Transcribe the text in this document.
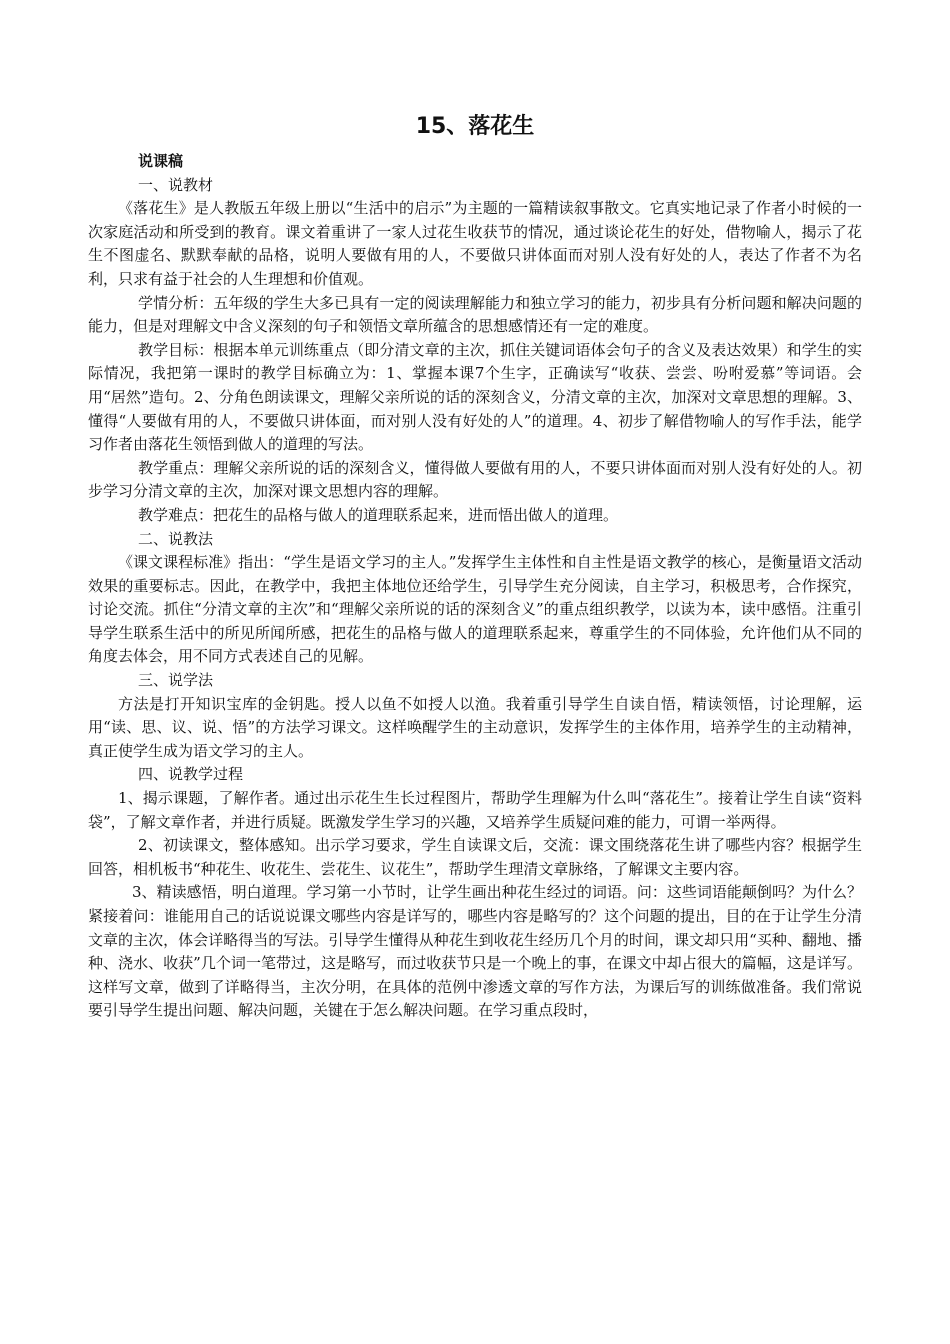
15、落花生

说课稿

一、说教材

《落花生》是人教版五年级上册以“生活中的启示”为主题的一篇精读叙事散文。它真实地记录了作者小时候的一次家庭活动和所受到的教育。课文着重讲了一家人过花生收获节的情况，通过谈论花生的好处，借物喻人，揭示了花生不图虚名、默默奉献的品格，说明人要做有用的人，不要做只讲体面而对别人没有好处的人，表达了作者不为名利，只求有益于社会的人生理想和价值观。

学情分析：五年级的学生大多已具有一定的阅读理解能力和独立学习的能力，初步具有分析问题和解决问题的能力，但是对理解文中含义深刻的句子和领悟文章所蕴含的思想感情还有一定的难度。

教学目标：根据本单元训练重点（即分清文章的主次，抓住关键词语体会句子的含义及表达效果）和学生的实际情况，我把第一课时的教学目标确立为：1、掌握本课7个生字，正确读写“收获、尝尝、吩咐爱慕”等词语。会用“居然”造句。2、分角色朗读课文，理解父亲所说的话的深刻含义，分清文章的主次，加深对文章思想的理解。3、懂得“人要做有用的人，不要做只讲体面，而对别人没有好处的人”的道理。4、初步了解借物喻人的写作手法，能学习作者由落花生领悟到做人的道理的写法。

教学重点：理解父亲所说的话的深刻含义，懂得做人要做有用的人，不要只讲体面而对别人没有好处的人。初步学习分清文章的主次，加深对课文思想内容的理解。

教学难点：把花生的品格与做人的道理联系起来，进而悟出做人的道理。

二、说教法

《课文课程标准》指出：“学生是语文学习的主人。”发挥学生主体性和自主性是语文教学的核心，是衡量语文活动效果的重要标志。因此，在教学中，我把主体地位还给学生，引导学生充分阅读，自主学习，积极思考，合作探究，讨论交流。抓住“分清文章的主次”和“理解父亲所说的话的深刻含义”的重点组织教学，以读为本，读中感悟。注重引导学生联系生活中的所见所闻所感，把花生的品格与做人的道理联系起来，尊重学生的不同体验，允许他们从不同的角度去体会，用不同方式表述自己的见解。

三、说学法

方法是打开知识宝库的金钥匙。授人以鱼不如授人以渔。我着重引导学生自读自悟，精读领悟，讨论理解，运用“读、思、议、说、悟”的方法学习课文。这样唤醒学生的主动意识，发挥学生的主体作用，培养学生的主动精神，真正使学生成为语文学习的主人。

四、说教学过程

1、揭示课题，了解作者。通过出示花生生长过程图片，帮助学生理解为什么叫“落花生”。接着让学生自读“资料袋”，了解文章作者，并进行质疑。既激发学生学习的兴趣，又培养学生质疑问难的能力，可谓一举两得。

2、初读课文，整体感知。出示学习要求，学生自读课文后，交流：课文围绕落花生讲了哪些内容？根据学生回答，相机板书“种花生、收花生、尝花生、议花生”，帮助学生理清文章脉络，了解课文主要内容。

3、精读感悟，明白道理。学习第一小节时，让学生画出种花生经过的词语。问：这些词语能颠倒吗？为什么？紧接着问：谁能用自己的话说说课文哪些内容是详写的，哪些内容是略写的？这个问题的提出，目的在于让学生分清文章的主次，体会详略得当的写法。引导学生懂得从种花生到收花生经历几个月的时间，课文却只用“买种、翻地、播种、浇水、收获”几个词一笔带过，这是略写，而过收获节只是一个晚上的事，在课文中却占很大的篇幅，这是详写。这样写文章，做到了详略得当，主次分明，在具体的范例中渗透文章的写作方法，为课后写的训练做准备。我们常说要引导学生提出问题、解决问题，关键在于怎么解决问题。在学习重点段时，
